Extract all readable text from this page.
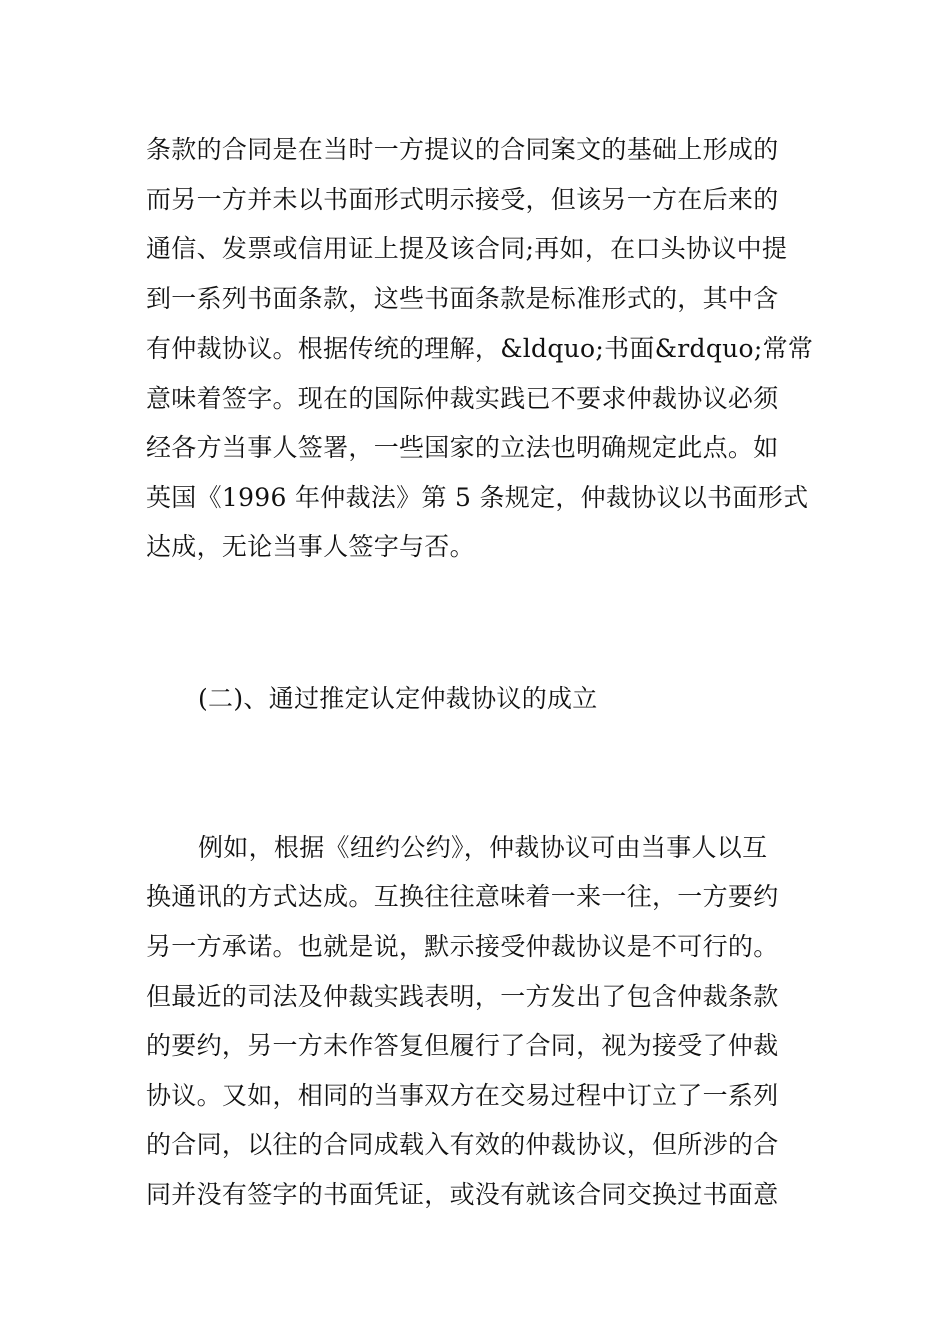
条款的合同是在当时一方提议的合同案文的基础上形成的
而另一方并未以书面形式明示接受，但该另一方在后来的
通信、发票或信用证上提及该合同;再如，在口头协议中提
到一系列书面条款，这些书面条款是标准形式的，其中含
有仲裁协议。根据传统的理解，&ldquo;书面&rdquo;常常
意味着签字。现在的国际仲裁实践已不要求仲裁协议必须
经各方当事人签署，一些国家的立法也明确规定此点。如
英国《1996 年仲裁法》第 5 条规定，仲裁协议以书面形式
达成，无论当事人签字与否。
(二)、通过推定认定仲裁协议的成立
例如，根据《纽约公约》，仲裁协议可由当事人以互
换通讯的方式达成。互换往往意味着一来一往，一方要约
另一方承诺。也就是说，默示接受仲裁协议是不可行的。
但最近的司法及仲裁实践表明，一方发出了包含仲裁条款
的要约，另一方未作答复但履行了合同，视为接受了仲裁
协议。又如，相同的当事双方在交易过程中订立了一系列
的合同，以往的合同成载入有效的仲裁协议，但所涉的合
同并没有签字的书面凭证，或没有就该合同交换过书面意
